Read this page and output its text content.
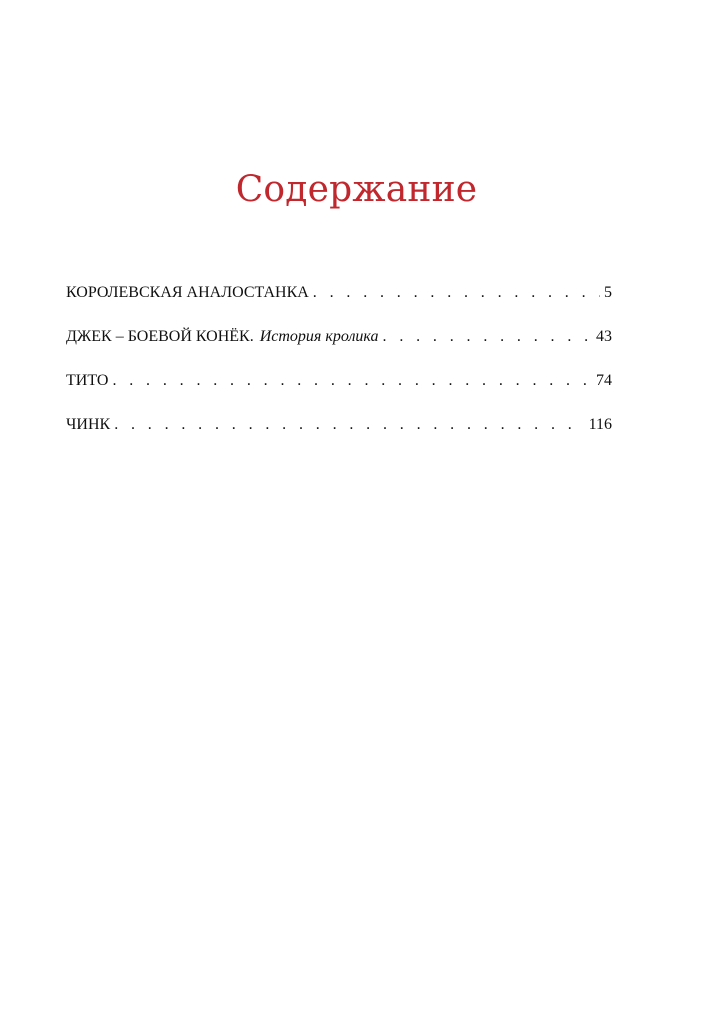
Содержание
КОРОЛЕВСКАЯ АНАЛОСТАНКА . . .	5
ДЖЕК – БОЕВОЙ КОНЁК. История кролика . . .	43
ТИТО . . .	74
ЧИНК . . .	116
